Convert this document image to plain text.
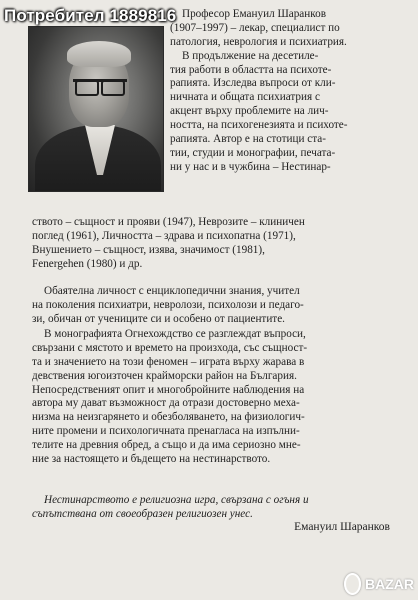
Потребител 1889816 Професор Емануил Шаранков
(1907–1997) – лекар, специалист по
патология, неврология и психиатрия.
В продължение на десетиле-
тия работи в областта на психоте-
рапията. Изследва въпроси от кли-
ничната и общата психиатрия с
акцент върху проблемите на лич-
ността, на психогенезията и психоте-
рапията. Автор е на стотици ста-
тии, студии и монографии, печата-
ни у нас и в чужбина – Нестинар-
ството – същност и прояви (1947), Неврозите – клиничен
поглед (1961), Личността – здрава и психопатна (1971),
Внушението – същност, изява, значимост (1981),
Fenergehen (1980) и др.
Обаятелна личност с енциклопедични знания, учител
на поколения психиатри, невролози, психолози и педаго-
зи, обичан от учениците си и особено от пациентите.
В монографията Огнехождство се разглеждат въпроси,
свързани с мястото и времето на произхода, със същност-
та и значението на този феномен – играта върху жарава в
девствения югоизточен крайморски район на България.
Непосредственият опит и многобройните наблюдения на
автора му дават възможност да отрази достоверно меха-
низма на неизгарянето и обезболяването, на физиологич-
ните промени и психологичната пренагласа на изпълни-
телите на древния обред, а също и да има сериозно мне-
ние за настоящето и бъдещето на нестинарството.
Нестинарството е религиозна игра, свързана с огъня и
съпътствана от своеобразен религиозен унес.
Емануил Шаранков
BAZAR
